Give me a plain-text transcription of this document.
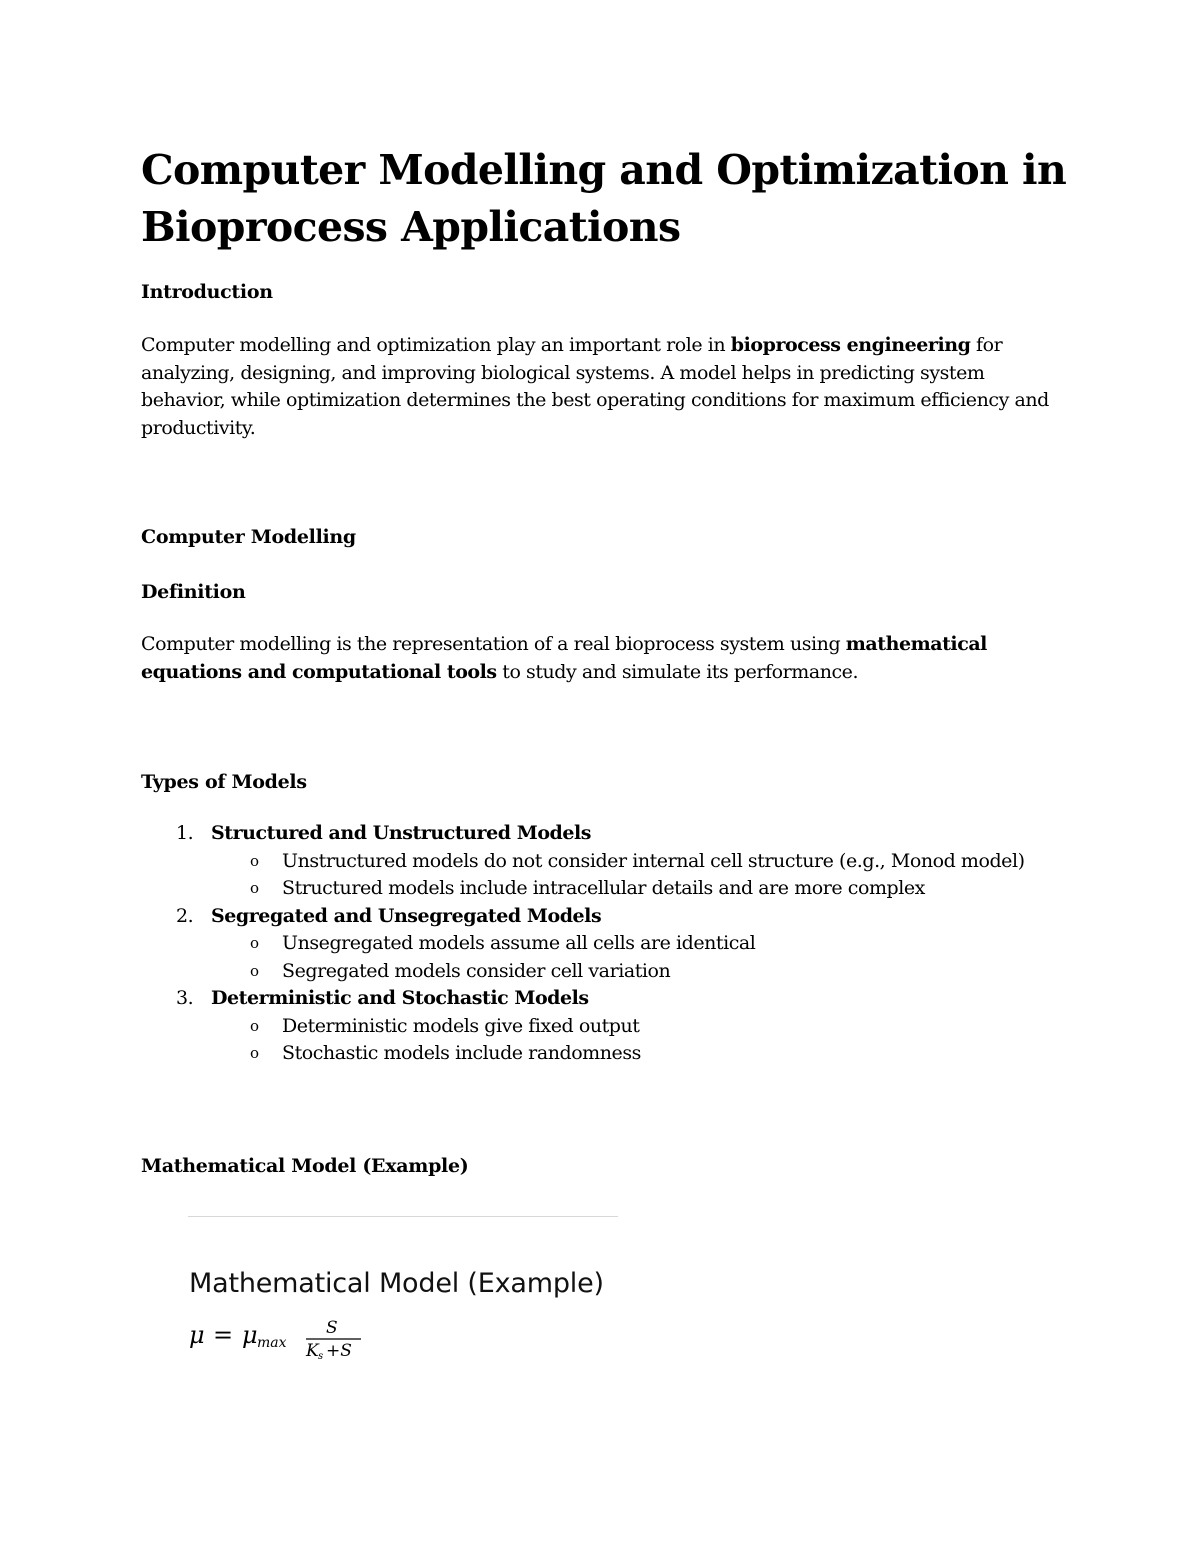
Computer Modelling and Optimization in Bioprocess Applications
Introduction

Computer modelling and optimization play an important role in bioprocess engineering for analyzing, designing, and improving biological systems. A model helps in predicting system behavior, while optimization determines the best operating conditions for maximum efficiency and productivity.

Computer Modelling
Definition

Computer modelling is the representation of a real bioprocess system using mathematical equations and computational tools to study and simulate its performance.

Types of Models
1. Structured and Unstructured Models
o Unstructured models do not consider internal cell structure (e.g., Monod model)
o Structured models include intracellular details and are more complex
2. Segregated and Unsegregated Models
o Unsegregated models assume all cells are identical
o Segregated models consider cell variation
3. Deterministic and Stochastic Models
o Deterministic models give fixed output
o Stochastic models include randomness
Mathematical Model (Example)
Mathematical Model (Example)
μ = μ max
S
K s +S
